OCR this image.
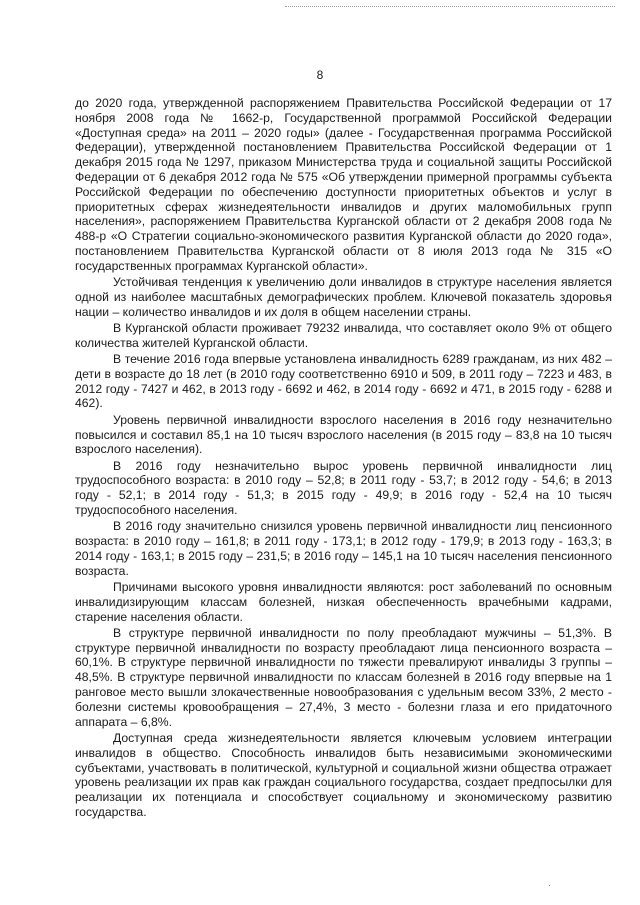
·
8

до 2020 года, утвержденной распоряжением Правительства Российской Федерации от 17 ноября 2008 года № 1662-р, Государственной программой Российской Федерации «Доступная среда» на 2011 – 2020 годы» (далее - Государственная программа Российской Федерации), утвержденной постановлением Правительства Российской Федерации от 1 декабря 2015 года № 1297, приказом Министерства труда и социальной защиты Российской Федерации от 6 декабря 2012 года № 575 «Об утверждении примерной программы субъекта Российской Федерации по обеспечению доступности приоритетных объектов и услуг в приоритетных сферах жизнедеятельности инвалидов и других маломобильных групп населения», распоряжением Правительства Курганской области от 2 декабря 2008 года № 488-р «О Стратегии социально-экономического развития Курганской области до 2020 года», постановлением Правительства Курганской области от 8 июля 2013 года № 315 «О государственных программах Курганской области».

Устойчивая тенденция к увеличению доли инвалидов в структуре населения является одной из наиболее масштабных демографических проблем. Ключевой показатель здоровья нации – количество инвалидов и их доля в общем населении страны.

В Курганской области проживает 79232 инвалида, что составляет около 9% от общего количества жителей Курганской области.

В течение 2016 года впервые установлена инвалидность 6289 гражданам, из них 482 – дети в возрасте до 18 лет (в 2010 году соответственно 6910 и 509, в 2011 году – 7223 и 483, в 2012 году - 7427 и 462, в 2013 году - 6692 и 462, в 2014 году - 6692 и 471, в 2015 году - 6288 и 462).

Уровень первичной инвалидности взрослого населения в 2016 году незначительно повысился и составил 85,1 на 10 тысяч взрослого населения (в 2015 году – 83,8 на 10 тысяч взрослого населения).

В 2016 году незначительно вырос уровень первичной инвалидности лиц трудоспособного возраста: в 2010 году – 52,8; в 2011 году - 53,7; в 2012 году - 54,6; в 2013 году - 52,1; в 2014 году - 51,3; в 2015 году - 49,9; в 2016 году - 52,4 на 10 тысяч трудоспособного населения.

В 2016 году значительно снизился уровень первичной инвалидности лиц пенсионного возраста: в 2010 году – 161,8; в 2011 году - 173,1; в 2012 году - 179,9; в 2013 году - 163,3; в 2014 году - 163,1; в 2015 году – 231,5; в 2016 году – 145,1 на 10 тысяч населения пенсионного возраста.

Причинами высокого уровня инвалидности являются: рост заболеваний по основным инвалидизирующим классам болезней, низкая обеспеченность врачебными кадрами, старение населения области.

В структуре первичной инвалидности по полу преобладают мужчины – 51,3%. В структуре первичной инвалидности по возрасту преобладают лица пенсионного возраста – 60,1%. В структуре первичной инвалидности по тяжести превалируют инвалиды 3 группы – 48,5%. В структуре первичной инвалидности по классам болезней в 2016 году впервые на 1 ранговое место вышли злокачественные новообразования с удельным весом 33%, 2 место - болезни системы кровообращения – 27,4%, 3 место - болезни глаза и его придаточного аппарата – 6,8%.

Доступная среда жизнедеятельности является ключевым условием интеграции инвалидов в общество. Способность инвалидов быть независимыми экономическими субъектами, участвовать в политической, культурной и социальной жизни общества отражает уровень реализации их прав как граждан социального государства, создает предпосылки для реализации их потенциала и способствует социальному и экономическому развитию государства.

·
